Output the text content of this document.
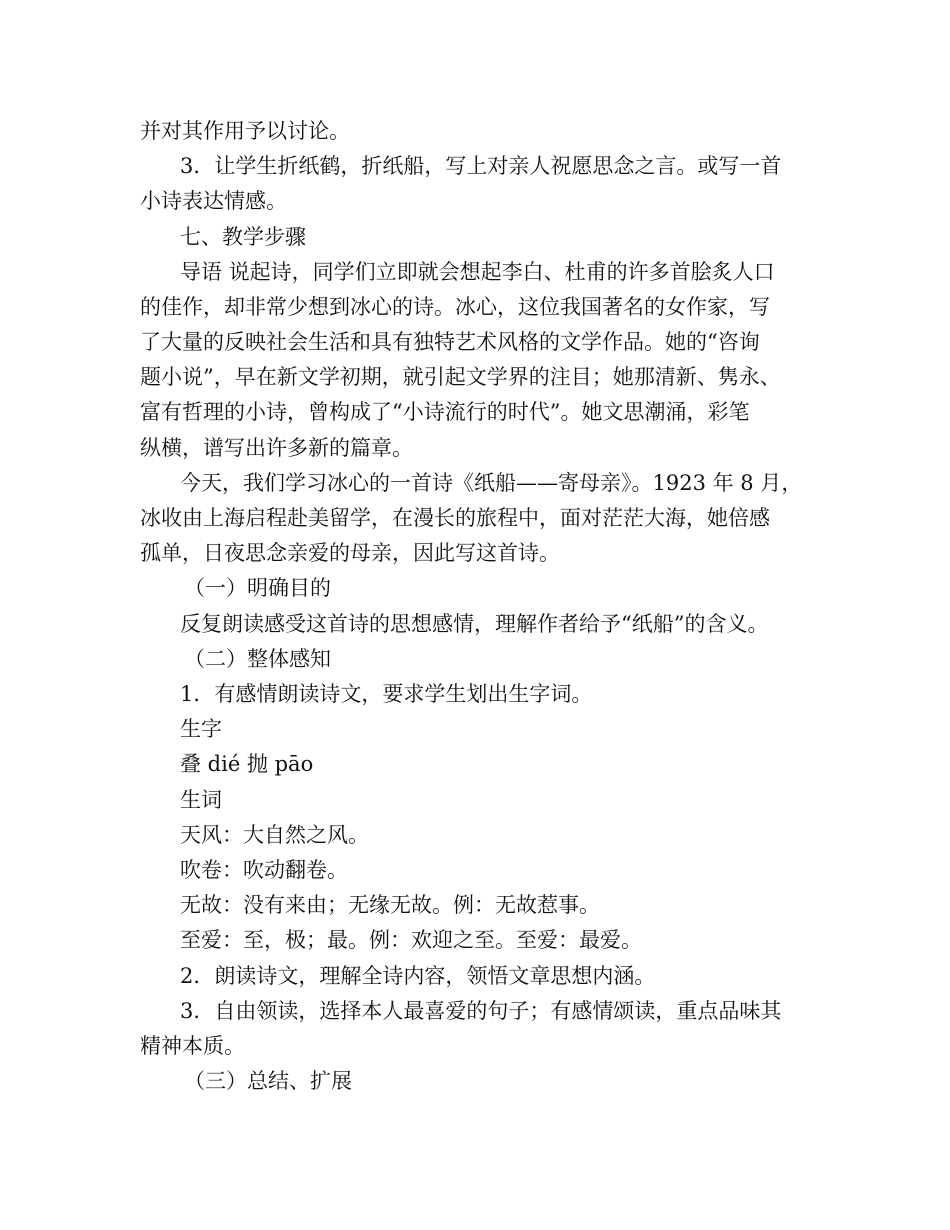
并对其作用予以讨论。
3．让学生折纸鹤，折纸船，写上对亲人祝愿思念之言。或写一首
小诗表达情感。
七、教学步骤
导语 说起诗，同学们立即就会想起李白、杜甫的许多首脍炙人口
的佳作，却非常少想到冰心的诗。冰心，这位我国著名的女作家，写
了大量的反映社会生活和具有独特艺术风格的文学作品。她的“咨询
题小说”，早在新文学初期，就引起文学界的注目；她那清新、隽永、
富有哲理的小诗，曾构成了“小诗流行的时代”。她文思潮涌，彩笔
纵横，谱写出许多新的篇章。
今天，我们学习冰心的一首诗《纸船——寄母亲》。1923 年 8 月，
冰收由上海启程赴美留学，在漫长的旅程中，面对茫茫大海，她倍感
孤单，日夜思念亲爱的母亲，因此写这首诗。
（一）明确目的
反复朗读感受这首诗的思想感情，理解作者给予“纸船”的含义。
（二）整体感知
1．有感情朗读诗文，要求学生划出生字词。
生字
叠 dié 抛 pāo
生词
天风：大自然之风。
吹卷：吹动翻卷。
无故：没有来由；无缘无故。例：无故惹事。
至爱：至，极；最。例：欢迎之至。至爱：最爱。
2．朗读诗文，理解全诗内容，领悟文章思想内涵。
3．自由领读，选择本人最喜爱的句子；有感情颂读，重点品味其
精神本质。
（三）总结、扩展
